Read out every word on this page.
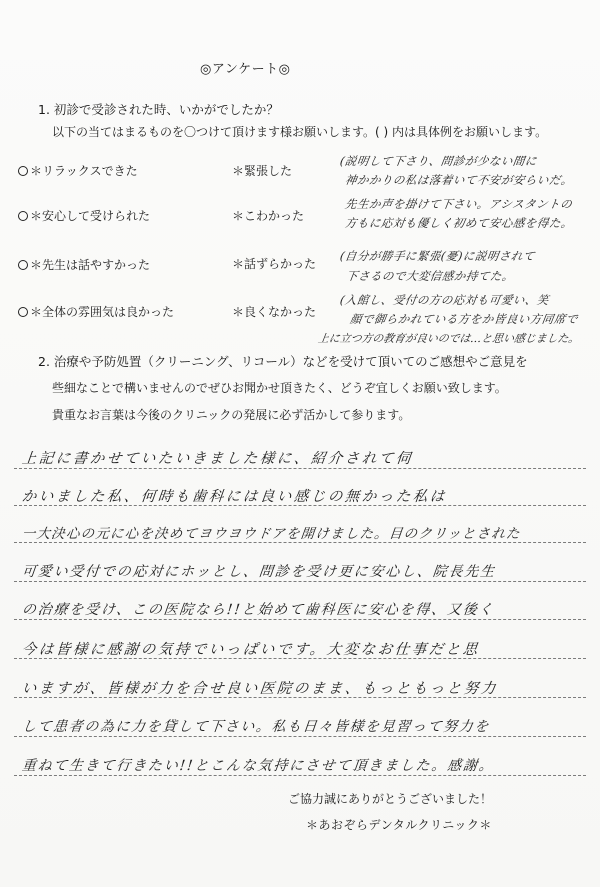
◎アンケート◎
1. 初診で受診された時、いかがでしたか？
以下の当てはまるものを〇つけて頂けます様お願いします。( ) 内は具体例をお願いします。
＊リラックスできた
＊安心して受けられた
＊先生は話やすかった
＊全体の雰囲気は良かった
＊緊張した
＊こわかった
＊話ずらかった
＊良くなかった
(説明して下さり、問診が少ない間に
神かかりの私は落着いて不安が安らいだ。
先生か声を掛けて下さい。アシスタントの
方もに応対も優しく初めて安心感を得た。
(自分が勝手に緊張(憂)に説明されて
下さるので大変信感か持てた。
(入館し、受付の方の応対も可愛い、笑
顔で御らかれている方をか皆良い方同席で
上に立つ方の教育が良いのでは…と思い感じました。
2. 治療や予防処置（クリーニング、リコール）などを受けて頂いてのご感想やご意見を
些細なことで構いませんのでぜひお聞かせ頂きたく、どうぞ宜しくお願い致します。
貴重なお言葉は今後のクリニックの発展に必ず活かして参ります。
上記に書かせていたいきました様に、紹介されて伺
かいました私、何時も歯科には良い感じの無かった私は
一大決心の元に心を決めてヨウヨウドアを開けました。目のクリッとされた
可愛い受付での応対にホッとし、問診を受け更に安心し、院長先生
の治療を受け、この医院なら!!と始めて歯科医に安心を得、又後く
今は皆様に感謝の気持でいっぱいです。大変なお仕事だと思
いますが、皆様が力を合せ良い医院のまま、もっともっと努力
して患者の為に力を貸して下さい。私も日々皆様を見習って努力を
重ねて生きて行きたい!!とこんな気持にさせて頂きました。感謝。
ご協力誠にありがとうございました！
＊あおぞらデンタルクリニック＊
